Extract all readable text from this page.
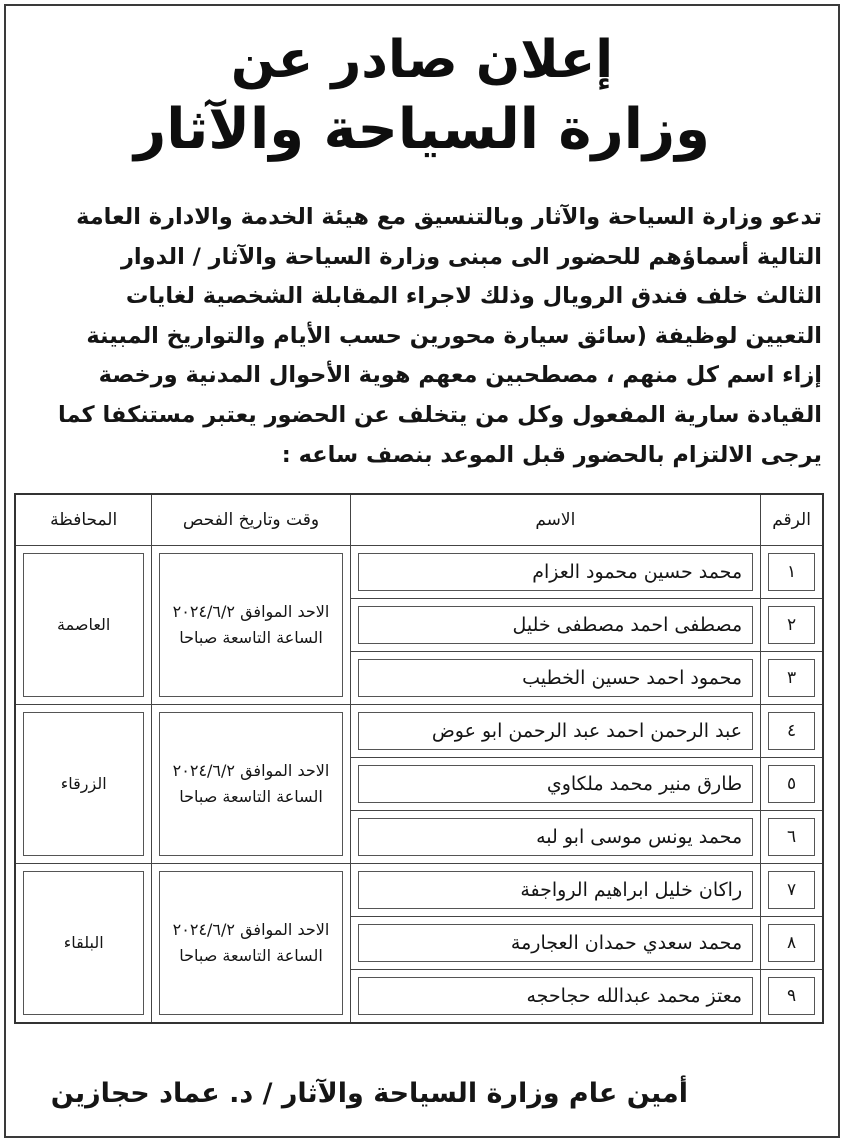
إعلان صادر عن
وزارة السياحة والآثار
تدعو وزارة السياحة والآثار وبالتنسيق مع هيئة الخدمة والادارة العامة
التالية أسماؤهم للحضور الى مبنى وزارة السياحة والآثار / الدوار
الثالث خلف فندق الرويال وذلك لاجراء المقابلة الشخصية لغايات
التعيين لوظيفة (سائق سيارة محورين حسب الأيام والتواريخ المبينة
إزاء اسم كل منهم ، مصطحبين معهم هوية الأحوال المدنية ورخصة
القيادة سارية المفعول وكل من يتخلف عن الحضور يعتبر مستنكفا كما
يرجى الالتزام بالحضور قبل الموعد بنصف ساعه :
الرقم	الاسم	وقت وتاريخ الفحص	المحافظة

١	محمد حسين محمود العزام	الاحد الموافق ٢٠٢٤/٦/٢
الساعة التاسعة صباحا	العاصمة

٢	مصطفى احمد مصطفى خليل		

٣	محمود احمد حسين الخطيب		

٤	عبد الرحمن احمد عبد الرحمن ابو عوض	الاحد الموافق ٢٠٢٤/٦/٢
الساعة التاسعة صباحا	الزرقاء

٥	طارق منير محمد ملكاوي		

٦	محمد يونس موسى ابو لبه		

٧	راكان خليل ابراهيم الرواجفة	الاحد الموافق ٢٠٢٤/٦/٢
الساعة التاسعة صباحا	البلقاء

٨	محمد سعدي حمدان العجارمة		

٩	معتز محمد عبدالله حجاحجه		
أمين عام وزارة السياحة والآثار / د. عماد حجازين
